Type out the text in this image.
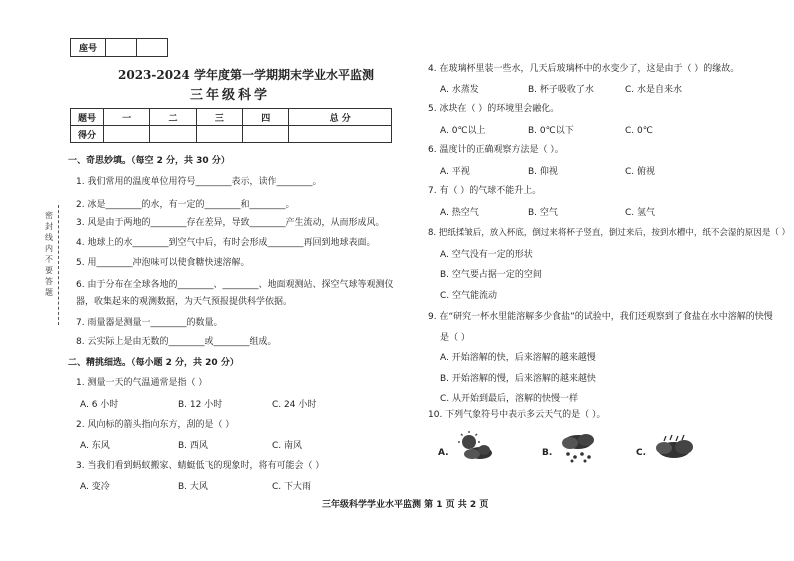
座号		
2023-2024 学年度第一学期期末学业水平监测
三年级科学
题号	一	二	三	四	总 分
得分					
密 封 线 内 不 要 答 题
一、奇思妙填。（每空 2 分，共 30 分）
1. 我们常用的温度单位用符号________表示，读作________。
2. 冰是________的水，有一定的________和________。
3. 风是由于两地的________存在差异，导致________产生流动，从而形成风。
4. 地球上的水________到空气中后，有时会形成________再回到地球表面。
5. 用________冲泡味可以使食糖快速溶解。
6. 由于分布在全球各地的________、________、地面观测站、探空气球等观测仪
器，收集起来的观测数据，为天气预报提供科学依据。
7. 雨量器是测量一________的数量。
8. 云实际上是由无数的________或________组成。
二、精挑细选。（每小题 2 分，共 20 分）
1. 测量一天的气温通常是指（ ）
A. 6 小时	B. 12 小时	C. 24 小时
2. 风向标的箭头指向东方，刮的是（ ）
A. 东风	B. 西风	C. 南风
3. 当我们看到蚂蚁搬家、蜻蜓低飞的现象时，将有可能会（ ）
A. 变冷	B. 大风	C. 下大雨
4. 在玻璃杯里装一些水，几天后玻璃杯中的水变少了，这是由于（ ）的缘故。
A. 水蒸发	B. 杯子吸收了水	C. 水是自来水
5. 冰块在（ ）的环境里会融化。
A. 0℃以上	B. 0℃以下	C. 0℃
6. 温度计的正确观察方法是（ ）。
A. 平视	B. 仰视	C. 俯视
7. 有（ ）的气球不能升上。
A. 热空气	B. 空气	C. 氢气
8. 把纸揉皱后，放入杯底，倒过来将杯子竖直，倒过来后，按到水槽中，纸不会湿的原因是（ ）
A. 空气没有一定的形状
B. 空气要占据一定的空间
C. 空气能流动
9. 在“研究一杯水里能溶解多少食盐”的试验中，我们还观察到了食盐在水中溶解的快慢
是（ ）
A. 开始溶解的快，后来溶解的越来越慢
B. 开始溶解的慢，后来溶解的越来越快
C. 从开始到最后，溶解的快慢一样
10. 下列气象符号中表示多云天气的是（ ）。
A.	B.	C.
三年级科学学业水平监测 第 1 页 共 2 页
